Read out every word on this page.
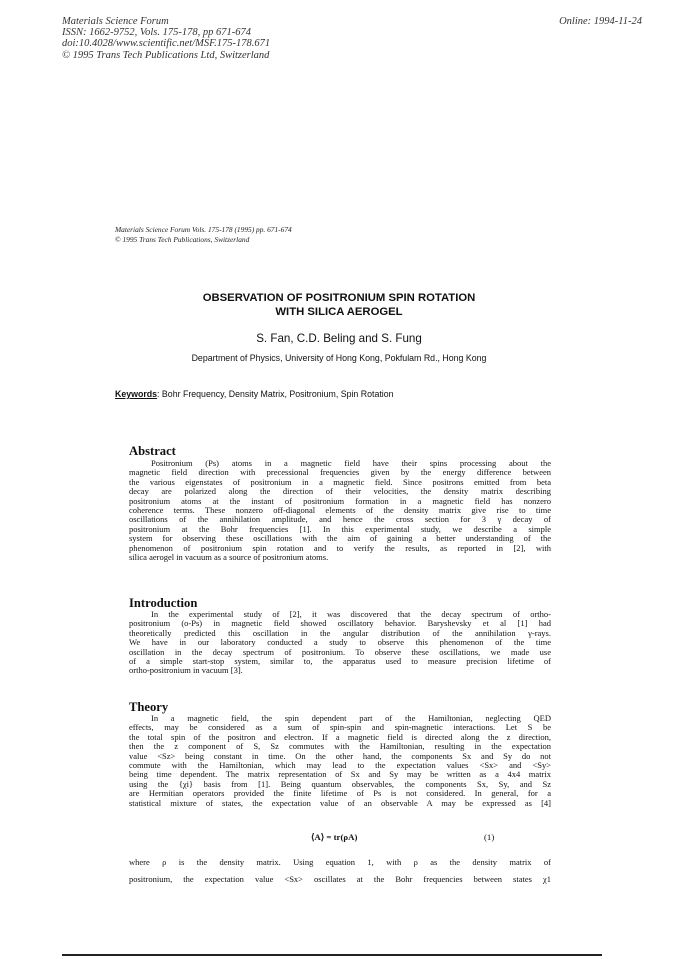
Materials Science Forum
ISSN: 1662-9752, Vols. 175-178, pp 671-674
doi:10.4028/www.scientific.net/MSF.175-178.671
© 1995 Trans Tech Publications Ltd, Switzerland
Online: 1994-11-24
Materials Science Forum Vols. 175-178 (1995) pp. 671-674
© 1995 Trans Tech Publications, Switzerland
OBSERVATION OF POSITRONIUM SPIN ROTATION
WITH SILICA AEROGEL
S. Fan, C.D. Beling and S. Fung
Department of Physics, University of Hong Kong, Pokfulam Rd., Hong Kong
Keywords: Bohr Frequency, Density Matrix, Positronium, Spin Rotation
Abstract
Positronium (Ps) atoms in a magnetic field have their spins processing about the
magnetic field direction with precessional frequencies given by the energy difference between
the various eigenstates of positronium in a magnetic field. Since positrons emitted from beta
decay are polarized along the direction of their velocities, the density matrix describing
positronium atoms at the instant of positronium formation in a magnetic field has nonzero
coherence terms. These nonzero off-diagonal elements of the density matrix give rise to time
oscillations of the annihilation amplitude, and hence the cross section for 3 γ decay of
positronium at the Bohr frequencies [1]. In this experimental study, we describe a simple
system for observing these oscillations with the aim of gaining a better understanding of the
phenomenon of positronium spin rotation and to verify the results, as reported in [2], with
silica aerogel in vacuum as a source of positronium atoms.
Introduction
In the experimental study of [2], it was discovered that the decay spectrum of ortho-
positronium (o-Ps) in magnetic field showed oscillatory behavior. Baryshevsky et al [1] had
theoretically predicted this oscillation in the angular distribution of the annihilation γ-rays.
We have in our laboratory conducted a study to observe this phenomenon of the time
oscillation in the decay spectrum of positronium. To observe these oscillations, we made use
of a simple start-stop system, similar to, the apparatus used to measure precision lifetime of
ortho-positronium in vacuum [3].
Theory
In a magnetic field, the spin dependent part of the Hamiltonian, neglecting QED
effects, may be considered as a sum of spin-spin and spin-magnetic interactions. Let S be
the total spin of the positron and electron. If a magnetic field is directed along the z direction,
then the z component of S, Sz commutes with the Hamiltonian, resulting in the expectation
value <Sz> being constant in time. On the other hand, the components Sx and Sy do not
commute with the Hamiltonian, which may lead to the expectation values <Sx> and <Sy>
being time dependent. The matrix representation of Sx and Sy may be written as a 4x4 matrix
using the {χi} basis from [1]. Being quantum observables, the components Sx, Sy, and Sz
are Hermitian operators provided the finite lifetime of Ps is not considered. In general, for a
statistical mixture of states, the expectation value of an observable A may be expressed as [4]
⟨A⟩ = tr(ρA)	(1)
where ρ is the density matrix. Using equation 1, with ρ as the density matrix of
positronium, the expectation value <Sx> oscillates at the Bohr frequencies between states χ1
